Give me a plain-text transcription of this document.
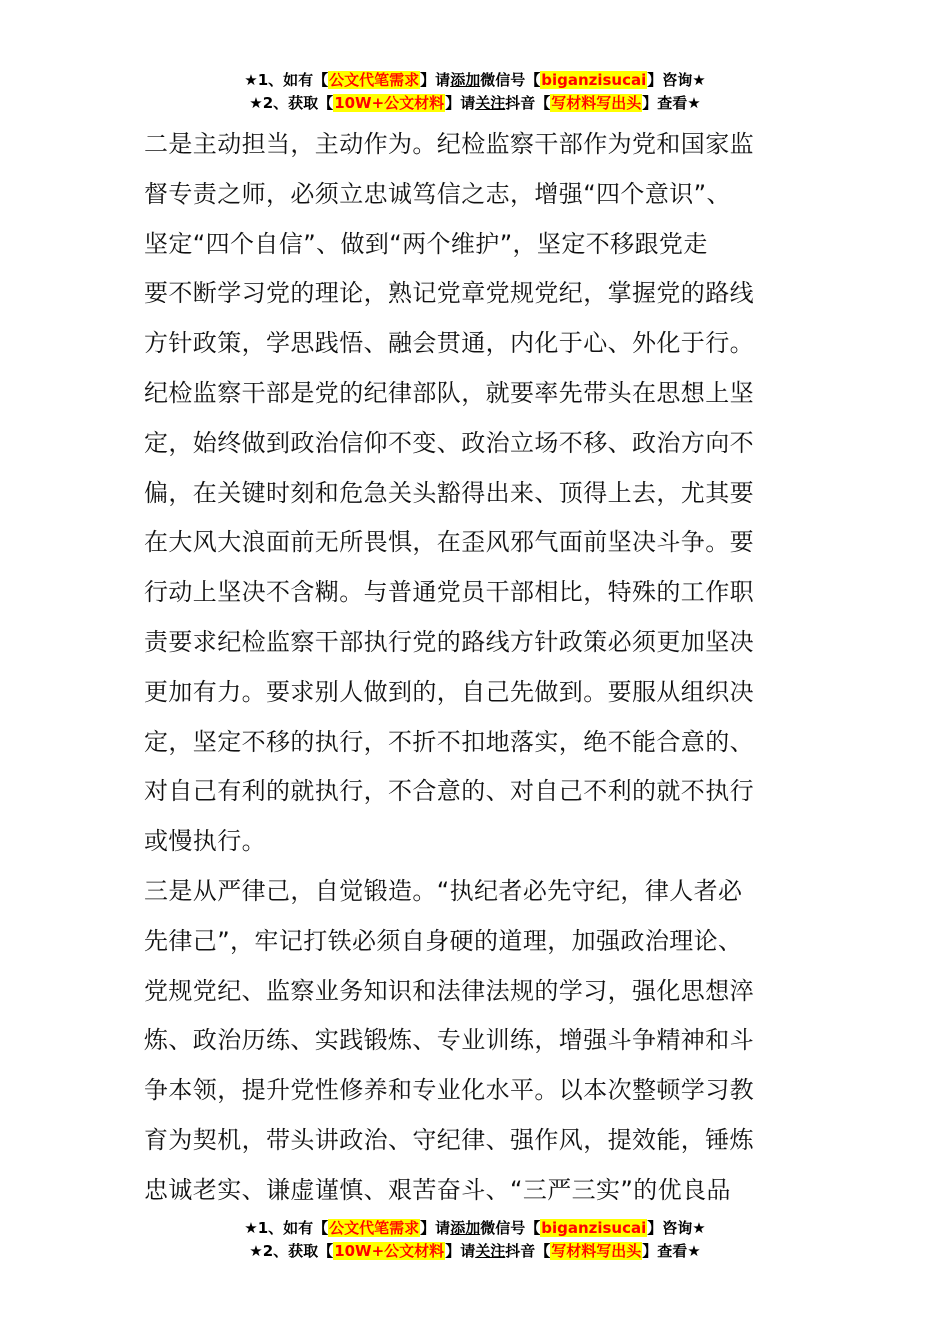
★1、如有【公文代笔需求】请添加微信号【biganzisucai】咨询★
★2、获取【10W+公文材料】请关注抖音【写材料写出头】查看★
二是主动担当，主动作为。纪检监察干部作为党和国家监
督专责之师，必须立忠诚笃信之志，增强“四个意识”、
坚定“四个自信”、做到“两个维护”，坚定不移跟党走
要不断学习党的理论，熟记党章党规党纪，掌握党的路线
方针政策，学思践悟、融会贯通，内化于心、外化于行。
纪检监察干部是党的纪律部队，就要率先带头在思想上坚
定，始终做到政治信仰不变、政治立场不移、政治方向不
偏，在关键时刻和危急关头豁得出来、顶得上去，尤其要
在大风大浪面前无所畏惧，在歪风邪气面前坚决斗争。要
行动上坚决不含糊。与普通党员干部相比，特殊的工作职
责要求纪检监察干部执行党的路线方针政策必须更加坚决
更加有力。要求别人做到的，自己先做到。要服从组织决
定，坚定不移的执行，不折不扣地落实，绝不能合意的、
对自己有利的就执行，不合意的、对自己不利的就不执行
或慢执行。
三是从严律己，自觉锻造。“执纪者必先守纪，律人者必
先律己”，牢记打铁必须自身硬的道理，加强政治理论、
党规党纪、监察业务知识和法律法规的学习，强化思想淬
炼、政治历练、实践锻炼、专业训练，增强斗争精神和斗
争本领，提升党性修养和专业化水平。以本次整顿学习教
育为契机，带头讲政治、守纪律、强作风，提效能，锤炼
忠诚老实、谦虚谨慎、艰苦奋斗、“三严三实”的优良品
★1、如有【公文代笔需求】请添加微信号【biganzisucai】咨询★
★2、获取【10W+公文材料】请关注抖音【写材料写出头】查看★
